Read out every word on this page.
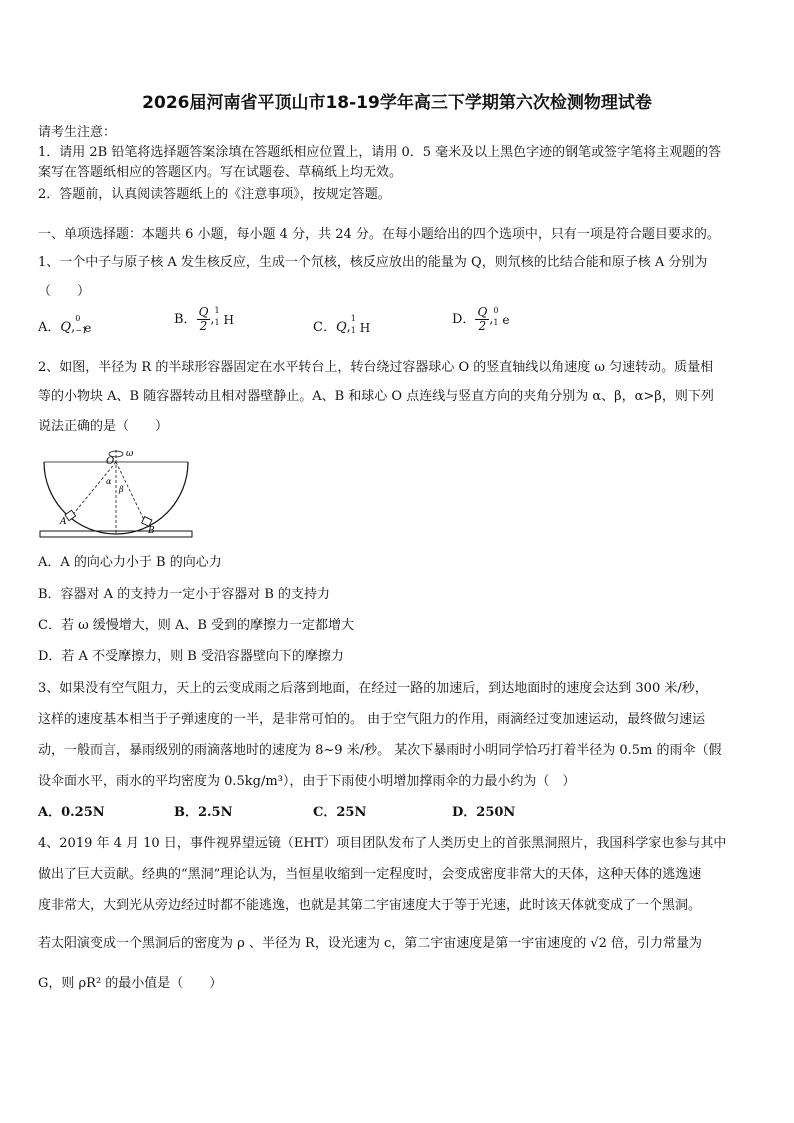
2026届河南省平顶山市18-19学年高三下学期第六次检测物理试卷
请考生注意：
1．请用 2B 铅笔将选择题答案涂填在答题纸相应位置上，请用 0．5 毫米及以上黑色字迹的钢笔或签字笔将主观题的答
案写在答题纸相应的答题区内。写在试题卷、草稿纸上均无效。
2．答题前，认真阅读答题纸上的《注意事项》，按规定答题。
一、单项选择题：本题共 6 小题，每小题 4 分，共 24 分。在每小题给出的四个选项中，只有一项是符合题目要求的。
1、一个中子与原子核 A 发生核反应，生成一个氘核，核反应放出的能量为 Q，则氘核的比结合能和原子核 A 分别为
（　　）
A．Q,
0
−1
e
B． $\frac{Q}{2}$ ,
1
1 H
C．Q,
1
1 H
D． $\frac{Q}{2}$ ,
0
1 e
2、如图，半径为 R 的半球形容器固定在水平转台上，转台绕过容器球心 O 的竖直轴线以角速度 ω 匀速转动。质量相
等的小物块 A、B 随容器转动且相对器壁静止。A、B 和球心 O 点连线与竖直方向的夹角分别为 α、β，α>β，则下列
说法正确的是（　　）
O
ω
α
β
A
B
A．A 的向心力小于 B 的向心力
B．容器对 A 的支持力一定小于容器对 B 的支持力
C．若 ω 缓慢增大，则 A、B 受到的摩擦力一定都增大
D．若 A 不受摩擦力，则 B 受沿容器壁向下的摩擦力
3、如果没有空气阻力，天上的云变成雨之后落到地面，在经过一路的加速后，到达地面时的速度会达到 300 米/秒，
这样的速度基本相当于子弹速度的一半，是非常可怕的。 由于空气阻力的作用，雨滴经过变加速运动，最终做匀速运
动，一般而言，暴雨级别的雨滴落地时的速度为 8~9 米/秒。 某次下暴雨时小明同学恰巧打着半径为 0.5m 的雨伞（假
设伞面水平，雨水的平均密度为 0.5kg/m³），由于下雨使小明增加撑雨伞的力最小约为（　）
A．0.25N	B．2.5N	C．25N	D．250N
4、2019 年 4 月 10 日，事件视界望远镜（EHT）项目团队发布了人类历史上的首张黑洞照片，我国科学家也参与其中
做出了巨大贡献。经典的“黑洞”理论认为，当恒星收缩到一定程度时，会变成密度非常大的天体，这种天体的逃逸速
度非常大，大到光从旁边经过时都不能逃逸，也就是其第二宇宙速度大于等于光速，此时该天体就变成了一个黑洞。
若太阳演变成一个黑洞后的密度为 ρ 、半径为 R，设光速为 c，第二宇宙速度是第一宇宙速度的 √2 倍，引力常量为
G，则 ρR² 的最小值是（　　）
